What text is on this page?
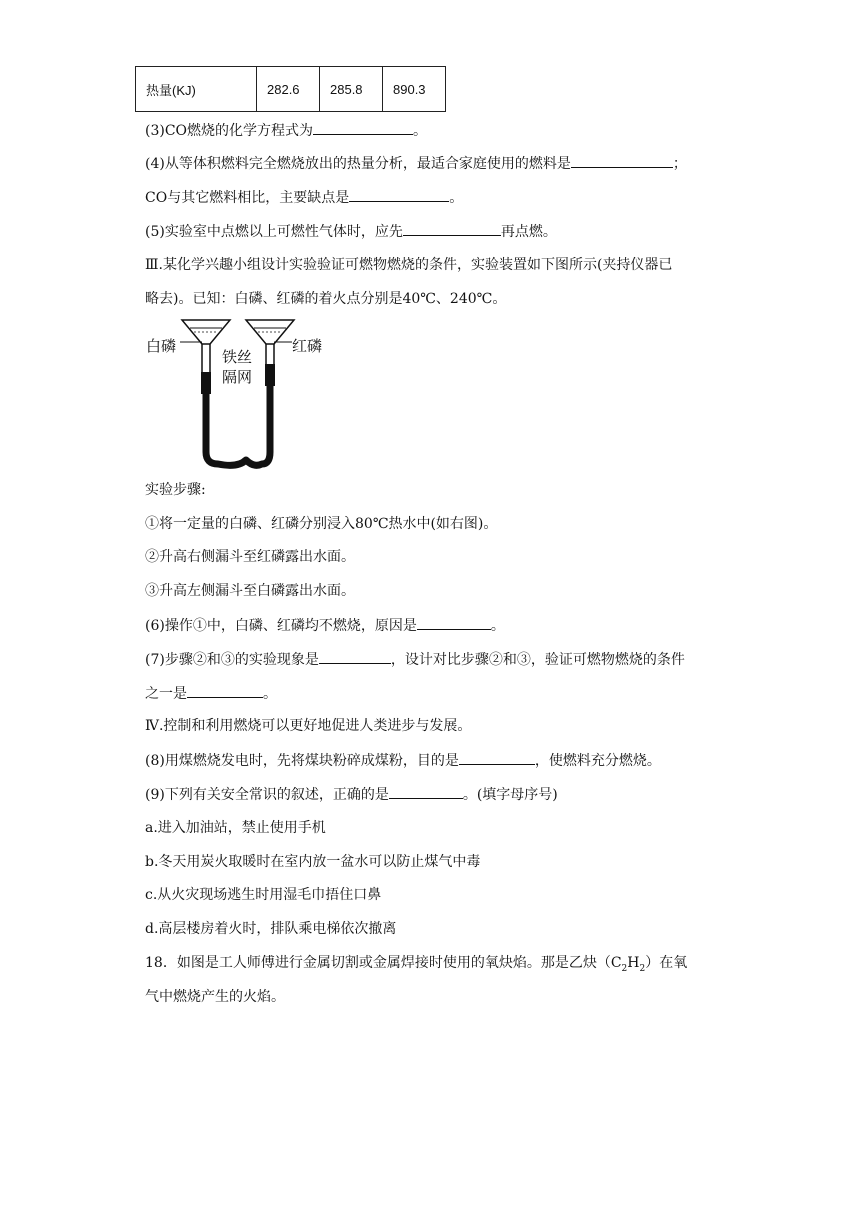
热量(KJ)	282.6	285.8	890.3
(3)CO燃烧的化学方程式为	。
(4)从等体积燃料完全燃烧放出的热量分析，最适合家庭使用的燃料是	；
CO与其它燃料相比，主要缺点是	。
(5)实验室中点燃以上可燃性气体时，应先	再点燃。
Ⅲ.某化学兴趣小组设计实验验证可燃物燃烧的条件，实验装置如下图所示(夹持仪器已
略去)。已知：白磷、红磷的着火点分别是40℃、240℃。
白磷	红磷
铁丝
隔网
实验步骤:
①将一定量的白磷、红磷分别浸入80℃热水中(如右图)。
②升高右侧漏斗至红磷露出水面。
③升高左侧漏斗至白磷露出水面。
(6)操作①中，白磷、红磷均不燃烧，原因是	。
(7)步骤②和③的实验现象是	，设计对比步骤②和③，验证可燃物燃烧的条件
之一是	。
Ⅳ.控制和利用燃烧可以更好地促进人类进步与发展。
(8)用煤燃烧发电时，先将煤块粉碎成煤粉，目的是	，使燃料充分燃烧。
(9)下列有关安全常识的叙述，正确的是	。(填字母序号)
a.进入加油站，禁止使用手机
b.冬天用炭火取暖时在室内放一盆水可以防止煤气中毒
c.从火灾现场逃生时用湿毛巾捂住口鼻
d.高层楼房着火时，排队乘电梯依次撤离
18．如图是工人师傅进行金属切割或金属焊接时使用的氧炔焰。那是乙炔$(C_2H_2)$在氧
气中燃烧产生的火焰。
